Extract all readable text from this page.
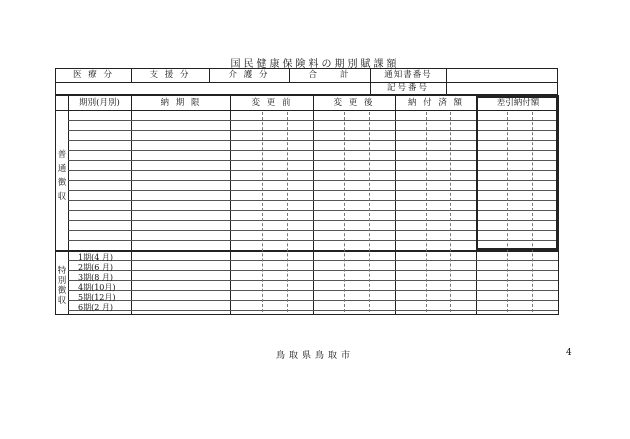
国民健康保険料の期別賦課額
医 療 分	支 援 分	介 護 分	合　　計	通知書番号
記号番号
期別(月別)	納 期 限	変 更 前	変 更 後	納 付 済 額	差引納付額
普
通
徴
収
特
別
徴
収
1期(4 月)
2期(6 月)
3期(8 月)
4期(10月)
5期(12月)
6期(2 月)
鳥取県鳥取市	4
